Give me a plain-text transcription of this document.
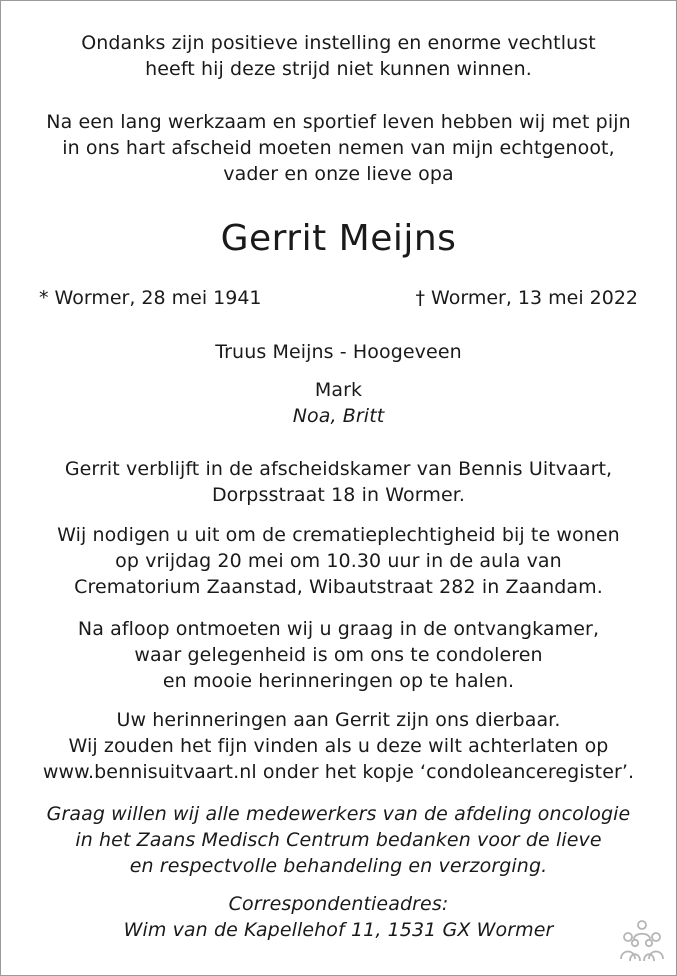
Ondanks zijn positieve instelling en enorme vechtlust
heeft hij deze strijd niet kunnen winnen.
Na een lang werkzaam en sportief leven hebben wij met pijn
in ons hart afscheid moeten nemen van mijn echtgenoot,
vader en onze lieve opa
Gerrit Meijns
* Wormer, 28 mei 1941	† Wormer, 13 mei 2022
Truus Meijns - Hoogeveen
Mark
Noa, Britt
Gerrit verblijft in de afscheidskamer van Bennis Uitvaart,
Dorpsstraat 18 in Wormer.
Wij nodigen u uit om de crematieplechtigheid bij te wonen
op vrijdag 20 mei om 10.30 uur in de aula van
Crematorium Zaanstad, Wibautstraat 282 in Zaandam.
Na afloop ontmoeten wij u graag in de ontvangkamer,
waar gelegenheid is om ons te condoleren
en mooie herinneringen op te halen.
Uw herinneringen aan Gerrit zijn ons dierbaar.
Wij zouden het fijn vinden als u deze wilt achterlaten op
www.bennisuitvaart.nl onder het kopje ‘condoleanceregister’.
Graag willen wij alle medewerkers van de afdeling oncologie
in het Zaans Medisch Centrum bedanken voor de lieve
en respectvolle behandeling en verzorging.
Correspondentieadres:
Wim van de Kapellehof 11, 1531 GX Wormer
